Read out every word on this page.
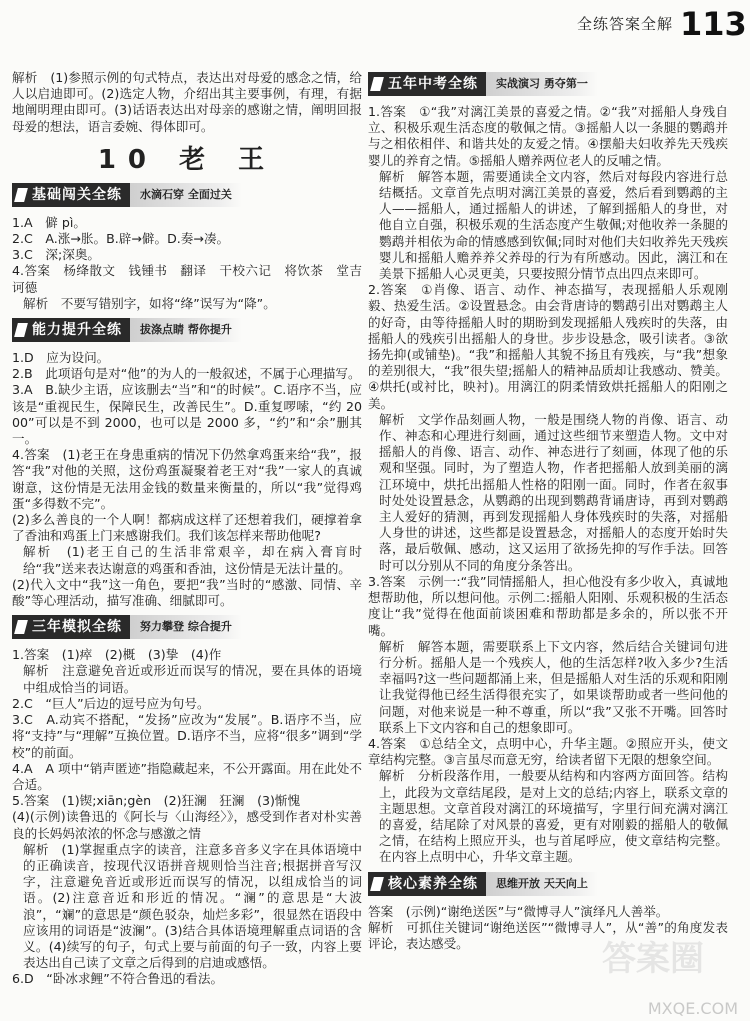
全练答案全解 113

解析　(1)参照示例的句式特点，表达出对母爱的感念之情，给人以启迪即可。(2)选定人物，介绍出其主要事例，有理，有据地阐明理由即可。(3)话语表达出对母亲的感谢之情，阐明回报母爱的想法，语言委婉、得体即可。

10 老 王
基础闯关全练	水滴石穿 全面过关

1.A　僻 pì。

2.C　A.涨→胀。B.辟→僻。D.奏→凑。

3.C　深;深奥。

4.答案　杨绛散文　钱锺书　翻译　干校六记　将饮茶　堂吉诃德

解析　不要写错别字，如将“绛”误写为“降”。

能力提升全练	拔涤点睛 帮你提升

1.D　应为设问。

2.B　此项语句是对“他”的为人的一般叙述，不属于心理描写。

3.A　B.缺少主语，应该删去“当”和“的时候”。C.语序不当，应该是“重视民生，保障民生，改善民生”。D.重复啰嗦，“约 2000”可以是不到 2000，也可以是 2000 多，“约”和“余”删其一。

4.答案　(1)老王在身患重病的情况下仍然拿鸡蛋来给“我”，报答“我”对他的关照，这份鸡蛋凝聚着老王对“我”一家人的真诚谢意，这份情是无法用金钱的数量来衡量的，所以“我”觉得鸡蛋“多得数不完”。

(2)多么善良的一个人啊！都病成这样了还想着我们，硬撑着拿了香油和鸡蛋上门来感谢我们。我们该怎样来帮助他呢?

解析　(1)老王自己的生活非常艰辛，却在病入膏肓时给“我”送来表达谢意的鸡蛋和香油，这份情是无法计量的。

(2)代入文中“我”这一角色，要把“我”当时的“感激、同情、辛酸”等心理活动，描写准确、细腻即可。

三年模拟全练	努力攀登 综合提升

1.答案　(1)瘁　(2)概　(3)挚　(4)作

解析　注意避免音近或形近而误写的情况，要在具体的语境中组成恰当的词语。

2.C　“巨人”后边的逗号应为句号。

3.C　A.动宾不搭配，“发扬”应改为“发展”。B.语序不当，应将“支持”与“理解”互换位置。D.语序不当，应将“很多”调到“学校”的前面。

4.A　A 项中“销声匿迹”指隐藏起来，不公开露面。用在此处不合适。

5.答案　(1)锲;xiān;gèn　(2)狂澜　狂澜　(3)惭愧

(4)(示例)读鲁迅的《阿长与〈山海经〉》，感受到作者对朴实善良的长妈妈浓浓的怀念与感激之情

解析　(1)掌握重点字的读音，注意多音多义字在具体语境中的正确读音，按现代汉语拼音规则恰当注音;根据拼音写汉字，注意避免音近或形近而误写的情况，以组成恰当的词语。(2)注意音近和形近的情况。“澜”的意思是“大波浪”，“斓”的意思是“颜色驳杂，灿烂多彩”，很显然在语段中应该用的词语是“波澜”。(3)结合具体语境理解重点词语的含义。(4)续写的句子，句式上要与前面的句子一致，内容上要表达出自己读了文章之后得到的启迪或感悟。

6.D　“卧冰求鲤”不符合鲁迅的看法。

五年中考全练	实战演习 勇夺第一

1.答案　①“我”对漓江美景的喜爱之情。②“我”对摇船人身残自立、积极乐观生活态度的敬佩之情。③摇船人以一条腿的鹦鹉并与之相依相伴、和谐共处的友爱之情。④摆船夫妇收养先天残疾婴儿的养育之情。⑤摇船人赠养两位老人的反哺之情。

解析　解答本题，需要通读全文内容，然后对每段内容进行总结概括。文章首先点明对漓江美景的喜爱，然后看到鹦鹉的主人——摇船人，通过摇船人的讲述，了解到摇船人的身世，对他自立自强，积极乐观的生活态度产生敬佩;对他收养一条腿的鹦鹉并相依为命的情感感到钦佩;同时对他们夫妇收养先天残疾婴儿和摇船人赡养养父养母的行为有所感动。因此，漓江和在美景下摇船人心灵更美，只要按照分情节点出四点来即可。

2.答案　①肖像、语言、动作、神态描写，表现摇船人乐观刚毅、热爱生活。②设置悬念。由会背唐诗的鹦鹉引出对鹦鹉主人的好奇，由等待摇船人时的期盼到发现摇船人残疾时的失落，由摇船人的残疾引出摇船人的身世。步步设悬念，吸引读者。③欲扬先抑(或铺垫)。“我”和摇船人其貌不扬且有残疾，与“我”想象的差别很大，“我”很失望;摇船人的精神品质却让我感动、赞美。④烘托(或衬比，映衬)。用漓江的阴柔情致烘托摇船人的阳刚之美。

解析　文学作品刻画人物，一般是围绕人物的肖像、语言、动作、神态和心理进行刻画，通过这些细节来塑造人物。文中对摇船人的肖像、语言、动作、神态进行了刻画，体现了他的乐观和坚强。同时，为了塑造人物，作者把摇船人放到美丽的漓江环境中，烘托出摇船人性格的阳刚一面。同时，作者在叙事时处处设置悬念，从鹦鹉的出现到鹦鹉背诵唐诗，再到对鹦鹉主人爱好的猜测，再到发现摇船人身体残疾时的失落，对摇船人身世的讲述，这些都是设置悬念，对摇船人的态度开始时失落，最后敬佩、感动，这又运用了欲扬先抑的写作手法。回答时可以分别从不同的角度分条答出。

3.答案　示例一:“我”同情摇船人，担心他没有多少收入，真诚地想帮助他，所以想问他。示例二:摇船人阳刚、乐观积极的生活态度让“我”觉得在他面前谈困难和帮助都是多余的，所以张不开嘴。

解析　解答本题，需要联系上下文内容，然后结合关键词句进行分析。摇船人是一个残疾人，他的生活怎样?收入多少?生活幸福吗?这一些问题都涌上来，但是摇船人对生活的乐观和阳刚让我觉得他已经生活得很充实了，如果谈帮助或者一些问他的问题，对他来说是一种不尊重，所以“我”又张不开嘴。回答时联系上下文内容和自己的想象即可。

4.答案　①总结全文，点明中心，升华主题。②照应开头，使文章结构完整。③言虽尽而意无穷，给读者留下无限的想象空间。

解析　分析段落作用，一般要从结构和内容两方面回答。结构上，此段为文章结尾段，是对上文的总结;内容上，联系文章的主题思想。文章首段对漓江的环境描写，字里行间充满对漓江的喜爱，结尾除了对风景的喜爱，更有对刚毅的摇船人的敬佩之情，在结构上照应开头，也与首尾呼应，使文章结构完整。在内容上点明中心，升华文章主题。

核心素养全练	思维开放 天天向上

答案　(示例)“谢绝送医”与“微博寻人”演绎凡人善举。

解析　可抓住关键词“谢绝送医”“微博寻人”，从“善”的角度发表评论，表达感受。	答案圈
MXQE.COM
